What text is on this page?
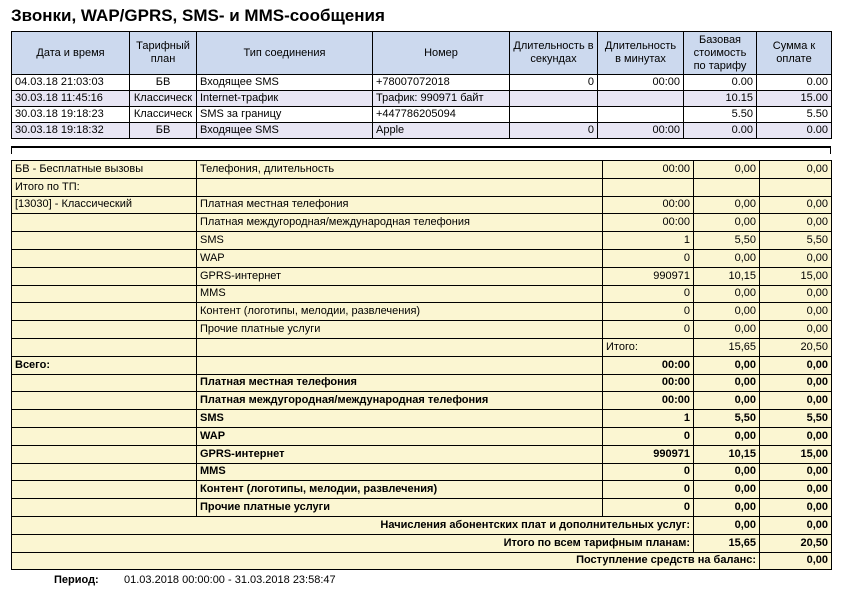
Звонки, WAP/GPRS, SMS- и MMS-сообщения
Дата и время	Тарифный план	Тип соединения	Номер	Длительность в секундах	Длительность в минутах	Базовая стоимость по тарифу	Сумма к оплате
04.03.18 21:03:03	БВ	Входящее SMS	+78007072018	0	00:00	0.00	0.00
30.03.18 11:45:16	Классическ	Internet-трафик	Трафик: 990971 байт			10.15	15.00
30.03.18 19:18:23	Классическ	SMS за границу	+447786205094			5.50	5.50
30.03.18 19:18:32	БВ	Входящее SMS	Apple	0	00:00	0.00	0.00
БВ - Бесплатные вызовы	Телефония, длительность	00:00	0,00	0,00
Итого по ТП:				
[13030] - Классический	Платная местная телефония	00:00	0,00	0,00
	Платная междугородная/международная телефония	00:00	0,00	0,00
	SMS	1	5,50	5,50
	WAP	0	0,00	0,00
	GPRS-интернет	990971	10,15	15,00
	MMS	0	0,00	0,00
	Контент (логотипы, мелодии, развлечения)	0	0,00	0,00
	Прочие платные услуги	0	0,00	0,00
		Итого:	15,65	20,50
Всего:		00:00	0,00	0,00
	Платная местная телефония	00:00	0,00	0,00
	Платная междугородная/международная телефония	00:00	0,00	0,00
	SMS	1	5,50	5,50
	WAP	0	0,00	0,00
	GPRS-интернет	990971	10,15	15,00
	MMS	0	0,00	0,00
	Контент (логотипы, мелодии, развлечения)	0	0,00	0,00
	Прочие платные услуги	0	0,00	0,00
Начисления абонентских плат и дополнительных услуг:			0,00	0,00
Итого по всем тарифным планам:			15,65	20,50
Поступление средств на баланс:				0,00
Период: 01.03.2018 00:00:00 - 31.03.2018 23:58:47
